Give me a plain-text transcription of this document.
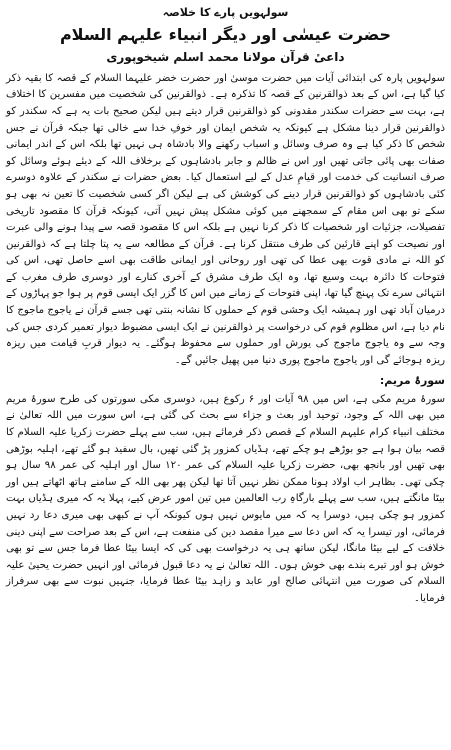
سولہویں پارے کا خلاصہ
حضرت عیسٰی اور دیگر انبیاء علیہم السلام
داعیٔ قرآن مولانا محمد اسلم شیخوپوری

سولہویں پارہ کی ابتدائی آیات میں حضرت موسیٰ اور حضرت خضر علیہما السلام کے قصہ کا بقیہ ذکر کیا گیا ہے، اس کے بعد ذوالقرنین کے قصہ کا تذکرہ ہے۔ ذوالقرنین کی شخصیت میں مفسرین کا اختلاف ہے، بہت سے حضرات سکندر مقدونی کو ذوالقرنین قرار دیتے ہیں لیکن صحیح بات یہ ہے کہ سکندر کو ذوالقرنین قرار دینا مشکل ہے کیونکہ یہ شخص ایمان اور خوفِ خدا سے خالی تھا جبکہ قرآن نے جس شخص کا ذکر کیا ہے وہ صرف وسائل و اسباب رکھنے والا بادشاہ ہی نہیں تھا بلکہ اس کے اندر ایمانی صفات بھی پائی جاتی تھیں اور اس نے ظالم و جابر بادشاہوں کے برخلاف اللہ کے دیئے ہوئے وسائل کو صرف انسانیت کی خدمت اور قیامِ عدل کے لیے استعمال کیا۔ بعض حضرات نے سکندر کے علاوہ دوسرے کئی بادشاہوں کو ذوالقرنین قرار دینے کی کوشش کی ہے لیکن اگر کسی شخصیت کا تعین نہ بھی ہو سکے تو بھی اس مقام کے سمجھنے میں کوئی مشکل پیش نہیں آتی، کیونکہ قرآن کا مقصود تاریخی تفصیلات، جزئیات اور شخصیات کا ذکر کرنا نہیں ہے بلکہ اس کا مقصود قصہ سے پیدا ہونے والی عبرت اور نصیحت کو اپنے قارئین کی طرف منتقل کرنا ہے۔ قرآن کے مطالعہ سے یہ پتا چلتا ہے کہ ذوالقرنین کو اللہ نے مادی قوت بھی عطا کی تھی اور روحانی اور ایمانی طاقت بھی اسے حاصل تھی، اس کی فتوحات کا دائرہ بہت وسیع تھا، وہ ایک طرف مشرق کے آخری کنارے اور دوسری طرف مغرب کے انتہائی سرے تک پہنچ گیا تھا، اپنی فتوحات کے زمانے میں اس کا گزر ایک ایسی قوم پر ہوا جو پہاڑوں کے درمیان آباد تھی اور ہمیشہ ایک وحشی قوم کے حملوں کا نشانہ بنتی تھی جسے قرآن نے یاجوج ماجوج کا نام دیا ہے، اس مظلوم قوم کی درخواست پر ذوالقرنین نے ایک ایسی مضبوط دیوار تعمیر کردی جس کی وجہ سے وہ یاجوج ماجوج کی یورش اور حملوں سے محفوظ ہوگئے۔ یہ دیوار قربِ قیامت میں ریزہ ریزہ ہوجائے گی اور یاجوج ماجوج پوری دنیا میں پھیل جائیں گے۔

سورۂ مریم:

سورۂ مریم مکی ہے، اس میں ۹۸ آیات اور ۶ رکوع ہیں، دوسری مکی سورتوں کی طرح سورۂ مریم میں بھی اللہ کے وجود، توحید اور بعث و جزاء سے بحث کی گئی ہے، اس سورت میں اللہ تعالیٰ نے مختلف انبیاء کرام علیہم السلام کے قصص ذکر فرمائے ہیں، سب سے پہلے حضرت زکریا علیہ السلام کا قصہ بیان ہوا ہے جو بوڑھے ہو چکے تھے، ہڈیاں کمزور پڑ گئی تھیں، بال سفید ہو گئے تھے، اہلیہ بوڑھی بھی تھیں اور بانجھ بھی، حضرت زکریا علیہ السلام کی عمر ۱۲۰ سال اور اہلیہ کی عمر ۹۸ سال ہو چکی تھی۔ بظاہر اب اولاد ہونا ممکن نظر نہیں آتا تھا لیکن پھر بھی اللہ کے سامنے ہاتھ اٹھاتے ہیں اور بیٹا مانگتے ہیں، سب سے پہلے بارگاہِ رب العالمین میں تین امور عرض کیے، پہلا یہ کہ میری ہڈیاں بہت کمزور ہو چکی ہیں، دوسرا یہ کہ میں مایوس نہیں ہوں کیونکہ آپ نے کبھی بھی میری دعا رد نہیں فرمائی، اور تیسرا یہ کہ اس دعا سے میرا مقصد دین کی منفعت ہے، اس کے بعد صراحت سے اپنی دینی خلافت کے لیے بیٹا مانگا، لیکن ساتھ ہی یہ درخواست بھی کی کہ ایسا بیٹا عطا فرما جس سے تو بھی خوش ہو اور تیرے بندے بھی خوش ہوں۔ اللہ تعالیٰ نے یہ دعا قبول فرمائی اور انہیں حضرت یحییٰ علیہ السلام کی صورت میں انتہائی صالح اور عابد و زاہد بیٹا عطا فرمایا، جنہیں نبوت سے بھی سرفراز فرمایا۔
